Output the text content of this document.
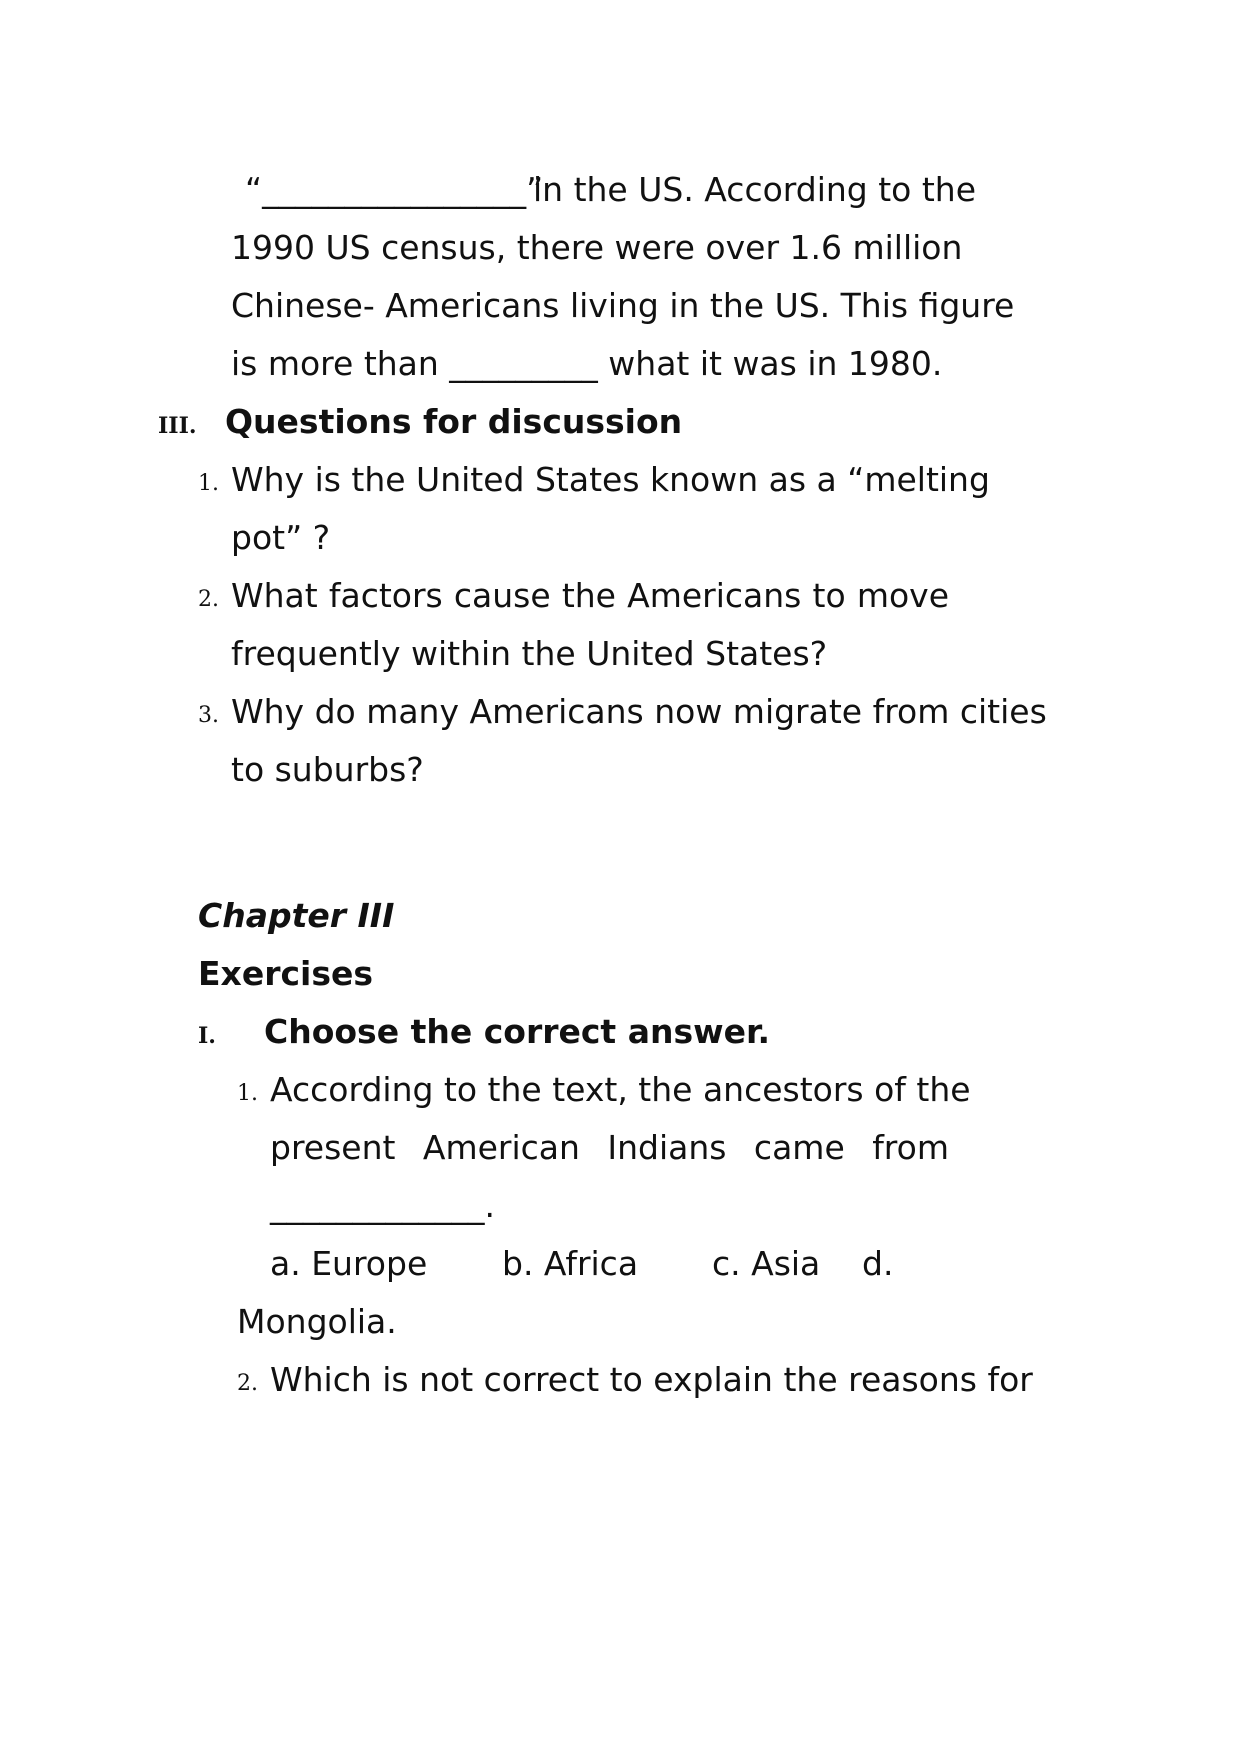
“________________”
in the US. According to the
1990 US census, there were over 1.6 million
Chinese- Americans living in the US. This figure
is more than _________ what it was in 1980.
III. Questions for discussion
1. Why is the United States known as a “melting
pot” ?
2. What factors cause the Americans to move
frequently within the United States?
3. Why do many Americans now migrate from cities
to suburbs?
Chapter III
Exercises
I. Choose the correct answer.
1. According to the text, the ancestors of the
present American Indians came from
_____________.
a. Europe b. Africa c. Asia d.
Mongolia.
2. Which is not correct to explain the reasons for
